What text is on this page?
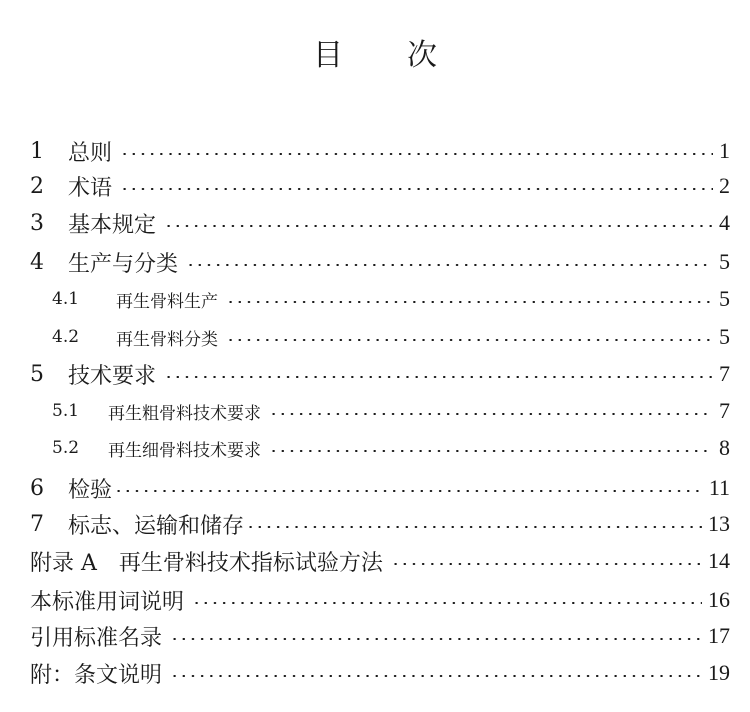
目 次
1	总则	1
2	术语	2
3	基本规定	4
4	生产与分类	5
4.1	再生骨料生产	5
4.2	再生骨料分类	5
5	技术要求	7
5.1	再生粗骨料技术要求	7
5.2	再生细骨料技术要求	8
6	检验	11
7	标志、运输和储存	13
附录 A　再生骨料技术指标试验方法	14
本标准用词说明	16
引用标准名录	17
附：条文说明	19
